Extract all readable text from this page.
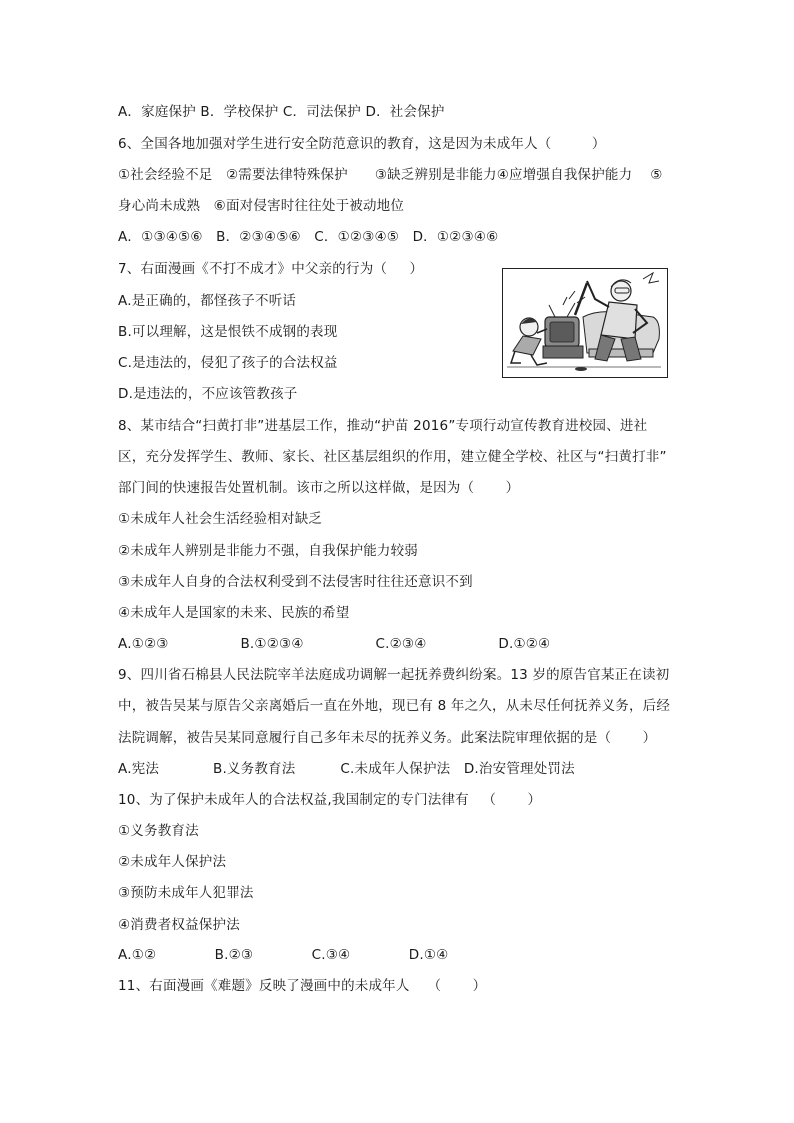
A．家庭保护 B．学校保护 C．司法保护 D．社会保护
6、全国各地加强对学生进行安全防范意识的教育，这是因为未成年人（         ）
①社会经验不足   ②需要法律特殊保护      ③缺乏辨别是非能力④应增强自我保护能力    ⑤
身心尚未成熟   ⑥面对侵害时往往处于被动地位
A．①③④⑤⑥   B．②③④⑤⑥   C．①②③④⑤   D．①②③④⑥
7、右面漫画《不打不成才》中父亲的行为（     ）
A.是正确的，都怪孩子不听话
B.可以理解，这是恨铁不成钢的表现
C.是违法的，侵犯了孩子的合法权益
D.是违法的，不应该管教孩子
8、某市结合“扫黄打非”进基层工作，推动“护苗 2016”专项行动宣传教育进校园、进社
区，充分发挥学生、教师、家长、社区基层组织的作用，建立健全学校、社区与“扫黄打非”
部门间的快速报告处置机制。该市之所以这样做，是因为（       ）
①未成年人社会生活经验相对缺乏
②未成年人辨别是非能力不强，自我保护能力较弱
③未成年人自身的合法权利受到不法侵害时往往还意识不到
④未成年人是国家的未来、民族的希望
A.①②③                B.①②③④                C.②③④                D.①②④
9、四川省石棉县人民法院宰羊法庭成功调解一起抚养费纠纷案。13 岁的原告官某正在读初
中，被告吴某与原告父亲离婚后一直在外地，现已有 8 年之久，从未尽任何抚养义务，后经
法院调解，被告吴某同意履行自己多年未尽的抚养义务。此案法院审理依据的是（       ）
A.宪法            B.义务教育法          C.未成年人保护法   D.治安管理处罚法
10、为了保护未成年人的合法权益,我国制定的专门法律有   （       ）
①义务教育法
②未成年人保护法
③预防未成年人犯罪法
④消费者权益保护法
A.①②             B.②③             C.③④             D.①④
11、右面漫画《难题》反映了漫画中的未成年人    （       ）
